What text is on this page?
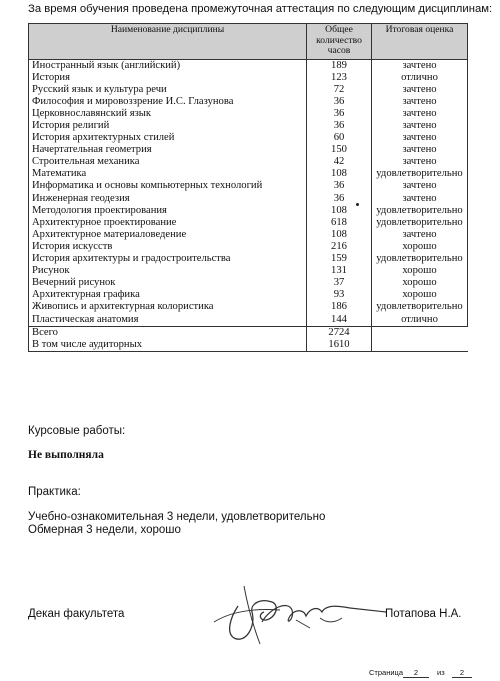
За время обучения проведена промежуточная аттестация по следующим дисциплинам:
Наименование дисциплины	Общее количество часов	Итоговая оценка
Иностранный язык (английский)	189	зачтено
История	123	отлично
Русский язык и культура речи	72	зачтено
Философия и мировоззрение И.С. Глазунова	36	зачтено
Церковнославянский язык	36	зачтено
История религий	36	зачтено
История архитектурных стилей	60	зачтено
Начертательная геометрия	150	зачтено
Строительная механика	42	зачтено
Математика	108	удовлетворительно
Информатика и основы компьютерных технологий	36	зачтено
Инженерная геодезия	36	зачтено
Методология проектирования	108	удовлетворительно
Архитектурное проектирование	618	удовлетворительно
Архитектурное материаловедение	108	зачтено
История искусств	216	хорошо
История архитектуры и градостроительства	159	удовлетворительно
Рисунок	131	хорошо
Вечерний рисунок	37	хорошо
Архитектурная графика	93	хорошо
Живопись и архитектурная колористика	186	удовлетворительно
Пластическая анатомия	144	отлично
Всего	2724	
В том числе аудиторных	1610	
Курсовые работы:
Не выполняла
Практика:
Учебно-ознакомительная 3 недели, удовлетворительно
Обмерная 3 недели, хорошо
Декан факультета	Потапова Н.А.
Страница	2	из	2
